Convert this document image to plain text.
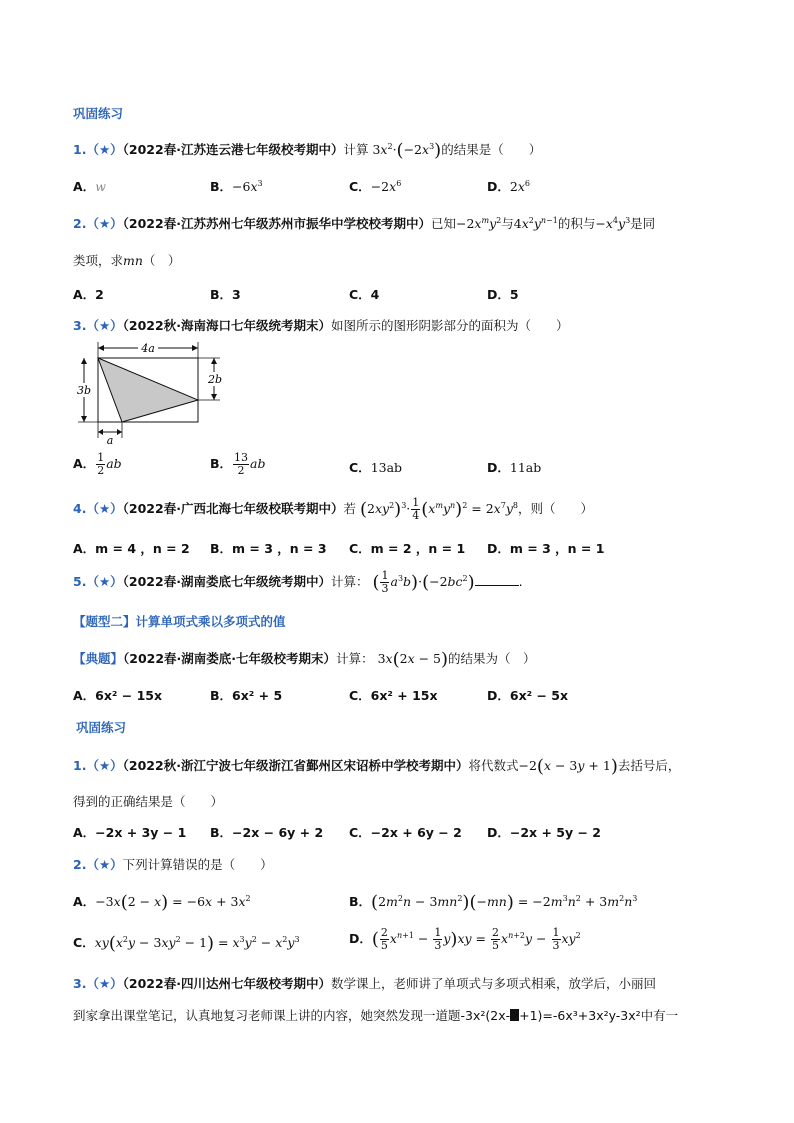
巩固练习
1.（★）（2022春·江苏连云港七年级校考期中）计算 $3x^2\cdot(-2x^3)$的结果是（　　）
A．𝑤	B．$-6x^3$	C．$-2x^6$	D．$2x^6$
2.（★）（2022春·江苏苏州七年级苏州市振华中学校校考期中）已知$-2x^my^2$与$4x^2y^{n-1}$的积与$-x^4y^3$是同
类项，求mn（　）
A．2	B．3	C．4	D．5
3.（★）（2022秋·海南海口七年级统考期末）如图所示的图形阴影部分的面积为（　　）
4a
2b
3b
a
A． $\frac{1}{2}$ ab	B． $\frac{13}{2}$ ab	C．13ab	D．11ab
4.（★）（2022春·广西北海七年级校联考期中）若 $(2xy^2)^3\cdot \frac{1}{4} (x^my^n)^2 = 2x^7y^8$，则（　　）
A．m = 4 ，n = 2 B．m = 3 ，n = 3 C．m = 2 ，n = 1 D．m = 3 ，n = 1
5.（★）（2022春·湖南娄底七年级统考期中）计算： ( $\frac{1}{3} a^3b)\cdot(-2bc^2)$	.
【题型二】计算单项式乘以多项式的值
【典题】（2022春·湖南娄底·七年级校考期末）计算： 3x(2x − 5)的结果为（　）
A．6x² − 15x	B．6x² + 5	C．6x² + 15x	D．6x² − 5x
巩固练习
1.（★）（2022秋·浙江宁波七年级浙江省鄞州区宋诏桥中学校考期中）将代数式−2(x − 3y + 1)去括号后，
得到的正确结果是（　　）
A．−2x + 3y − 1 B．−2x − 6y + 2 C．−2x + 6y − 2 D．−2x + 5y − 2
2.（★）下列计算错误的是（　　）
A．$-3x(2 - x) = -6x + 3x^2$	B．$(2m^2n - 3mn^2)(-mn) = -2m^3n^2 + 3m^2n^3$
C．$xy(x^2y - 3xy^2 - 1) = x^3y^2 - x^2y^3$	D．( $\frac{2}{5} x^{n+1} - \frac{1}{3} y)xy = \frac{2}{5} x^{n+2}y - \frac{1}{3} xy^2$
3.（★）（2022春·四川达州七年级校考期中）数学课上，老师讲了单项式与多项式相乘，放学后，小丽回
到家拿出课堂笔记，认真地复习老师课上讲的内容，她突然发现一道题-3x²(2x- +1)=-6x³+3x²y-3x²中有一
